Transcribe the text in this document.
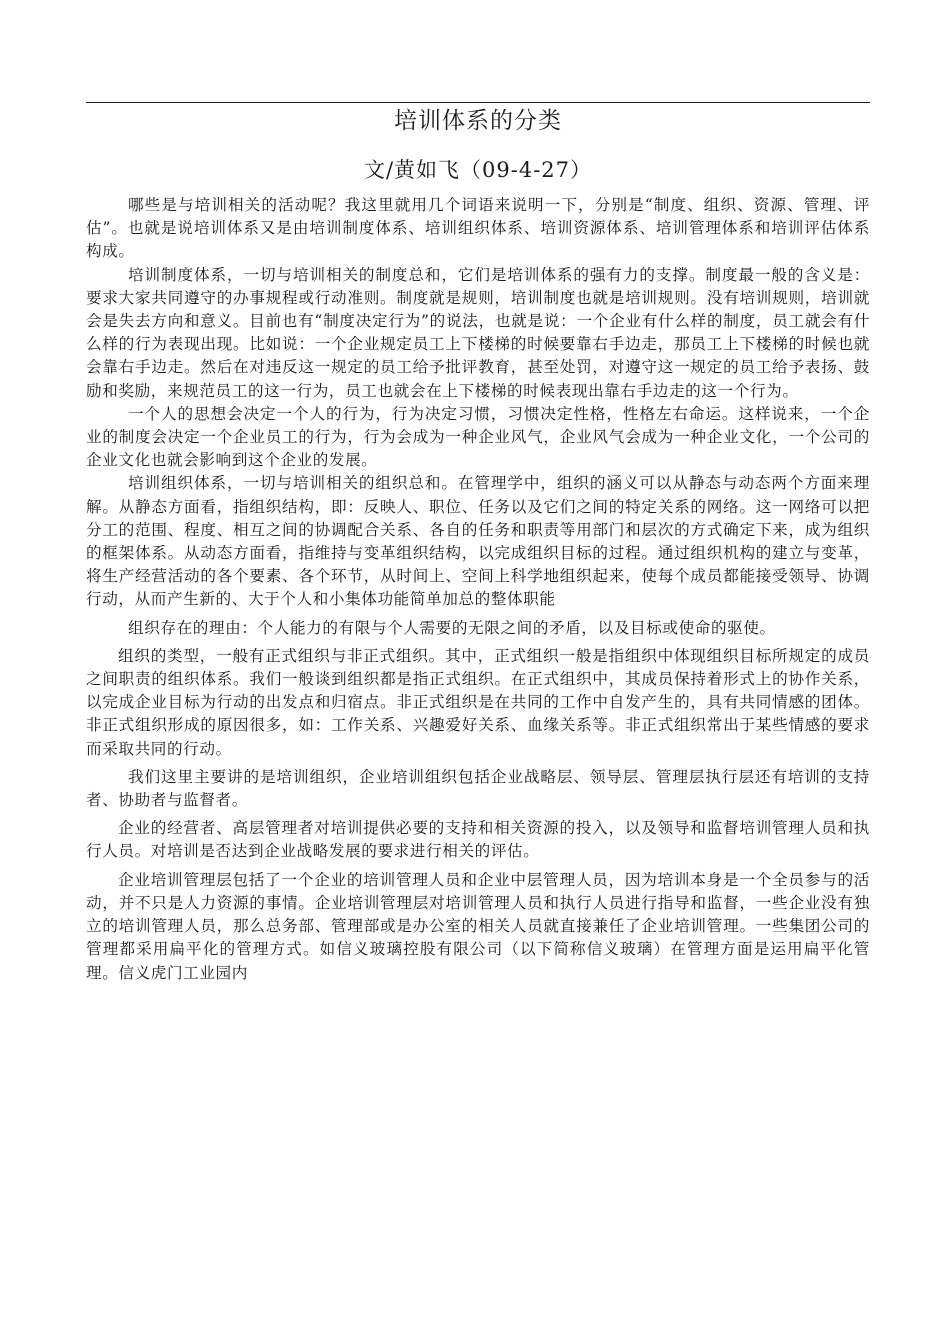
培训体系的分类
文/黄如飞（09-4-27）

哪些是与培训相关的活动呢？我这里就用几个词语来说明一下，分别是“制度、组织、资源、管理、评估”。也就是说培训体系又是由培训制度体系、培训组织体系、培训资源体系、培训管理体系和培训评估体系构成。

培训制度体系，一切与培训相关的制度总和，它们是培训体系的强有力的支撑。制度最一般的含义是：要求大家共同遵守的办事规程或行动准则。制度就是规则，培训制度也就是培训规则。没有培训规则，培训就会是失去方向和意义。目前也有“制度决定行为”的说法，也就是说：一个企业有什么样的制度，员工就会有什么样的行为表现出现。比如说：一个企业规定员工上下楼梯的时候要靠右手边走，那员工上下楼梯的时候也就会靠右手边走。然后在对违反这一规定的员工给予批评教育，甚至处罚，对遵守这一规定的员工给予表扬、鼓励和奖励，来规范员工的这一行为，员工也就会在上下楼梯的时候表现出靠右手边走的这一个行为。

一个人的思想会决定一个人的行为，行为决定习惯，习惯决定性格，性格左右命运。这样说来，一个企业的制度会决定一个企业员工的行为，行为会成为一种企业风气，企业风气会成为一种企业文化，一个公司的企业文化也就会影响到这个企业的发展。

培训组织体系，一切与培训相关的组织总和。在管理学中，组织的涵义可以从静态与动态两个方面来理解。从静态方面看，指组织结构，即：反映人、职位、任务以及它们之间的特定关系的网络。这一网络可以把分工的范围、程度、相互之间的协调配合关系、各自的任务和职责等用部门和层次的方式确定下来，成为组织的框架体系。从动态方面看，指维持与变革组织结构，以完成组织目标的过程。通过组织机构的建立与变革，将生产经营活动的各个要素、各个环节，从时间上、空间上科学地组织起来，使每个成员都能接受领导、协调行动，从而产生新的、大于个人和小集体功能简单加总的整体职能

组织存在的理由：个人能力的有限与个人需要的无限之间的矛盾，以及目标或使命的驱使。

组织的类型，一般有正式组织与非正式组织。其中，正式组织一般是指组织中体现组织目标所规定的成员之间职责的组织体系。我们一般谈到组织都是指正式组织。在正式组织中，其成员保持着形式上的协作关系，以完成企业目标为行动的出发点和归宿点。非正式组织是在共同的工作中自发产生的，具有共同情感的团体。非正式组织形成的原因很多，如：工作关系、兴趣爱好关系、血缘关系等。非正式组织常出于某些情感的要求而采取共同的行动。

我们这里主要讲的是培训组织，企业培训组织包括企业战略层、领导层、管理层执行层还有培训的支持者、协助者与监督者。

企业的经营者、高层管理者对培训提供必要的支持和相关资源的投入，以及领导和监督培训管理人员和执行人员。对培训是否达到企业战略发展的要求进行相关的评估。

企业培训管理层包括了一个企业的培训管理人员和企业中层管理人员，因为培训本身是一个全员参与的活动，并不只是人力资源的事情。企业培训管理层对培训管理人员和执行人员进行指导和监督，一些企业没有独立的培训管理人员，那么总务部、管理部或是办公室的相关人员就直接兼任了企业培训管理。一些集团公司的管理都采用扁平化的管理方式。如信义玻璃控股有限公司（以下简称信义玻璃）在管理方面是运用扁平化管理。信义虎门工业园内
